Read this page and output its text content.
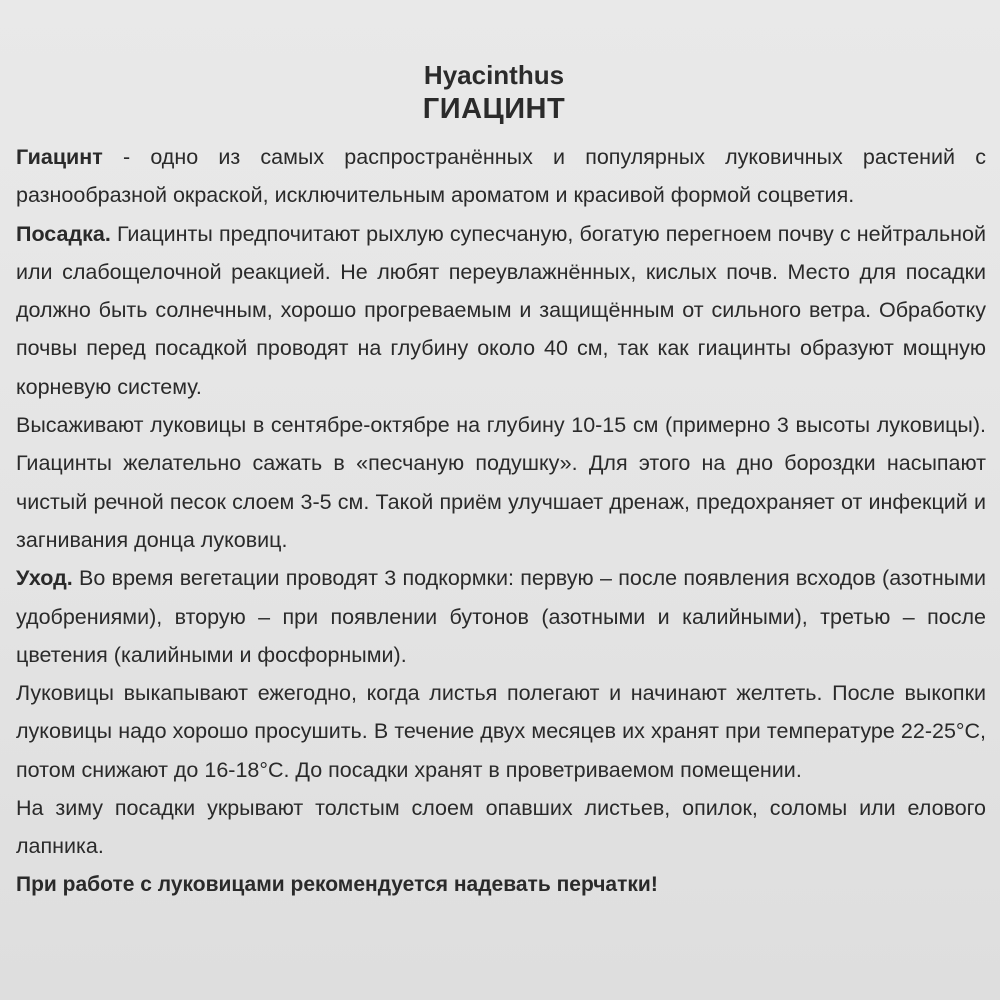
Hyacinthus
ГИАЦИНТ

Гиацинт - одно из самых распространённых и популярных луковичных растений с разнообразной окраской, исключительным ароматом и красивой формой соцветия.

Посадка. Гиацинты предпочитают рыхлую супесчаную, богатую перегноем почву с нейтральной или слабощелочной реакцией. Не любят переувлажнённых, кислых почв. Место для посадки должно быть солнечным, хорошо прогреваемым и защищённым от сильного ветра. Обработку почвы перед посадкой проводят на глубину около 40 см, так как гиацинты образуют мощную корневую систему.

Высаживают луковицы в сентябре-октябре на глубину 10-15 см (примерно 3 высоты луковицы). Гиацинты желательно сажать в «песчаную подушку». Для этого на дно бороздки насыпают чистый речной песок слоем 3-5 см. Такой приём улучшает дренаж, предохраняет от инфекций и загнивания донца луковиц.

Уход. Во время вегетации проводят 3 подкормки: первую – после появления всходов (азотными удобрениями), вторую – при появлении бутонов (азотными и калийными), третью – после цветения (калийными и фосфорными).

Луковицы выкапывают ежегодно, когда листья полегают и начинают желтеть. После выкопки луковицы надо хорошо просушить. В течение двух месяцев их хранят при температуре 22-25°C, потом снижают до 16-18°C. До посадки хранят в проветриваемом помещении.

На зиму посадки укрывают толстым слоем опавших листьев, опилок, соломы или елового лапника.

При работе с луковицами рекомендуется надевать перчатки!
